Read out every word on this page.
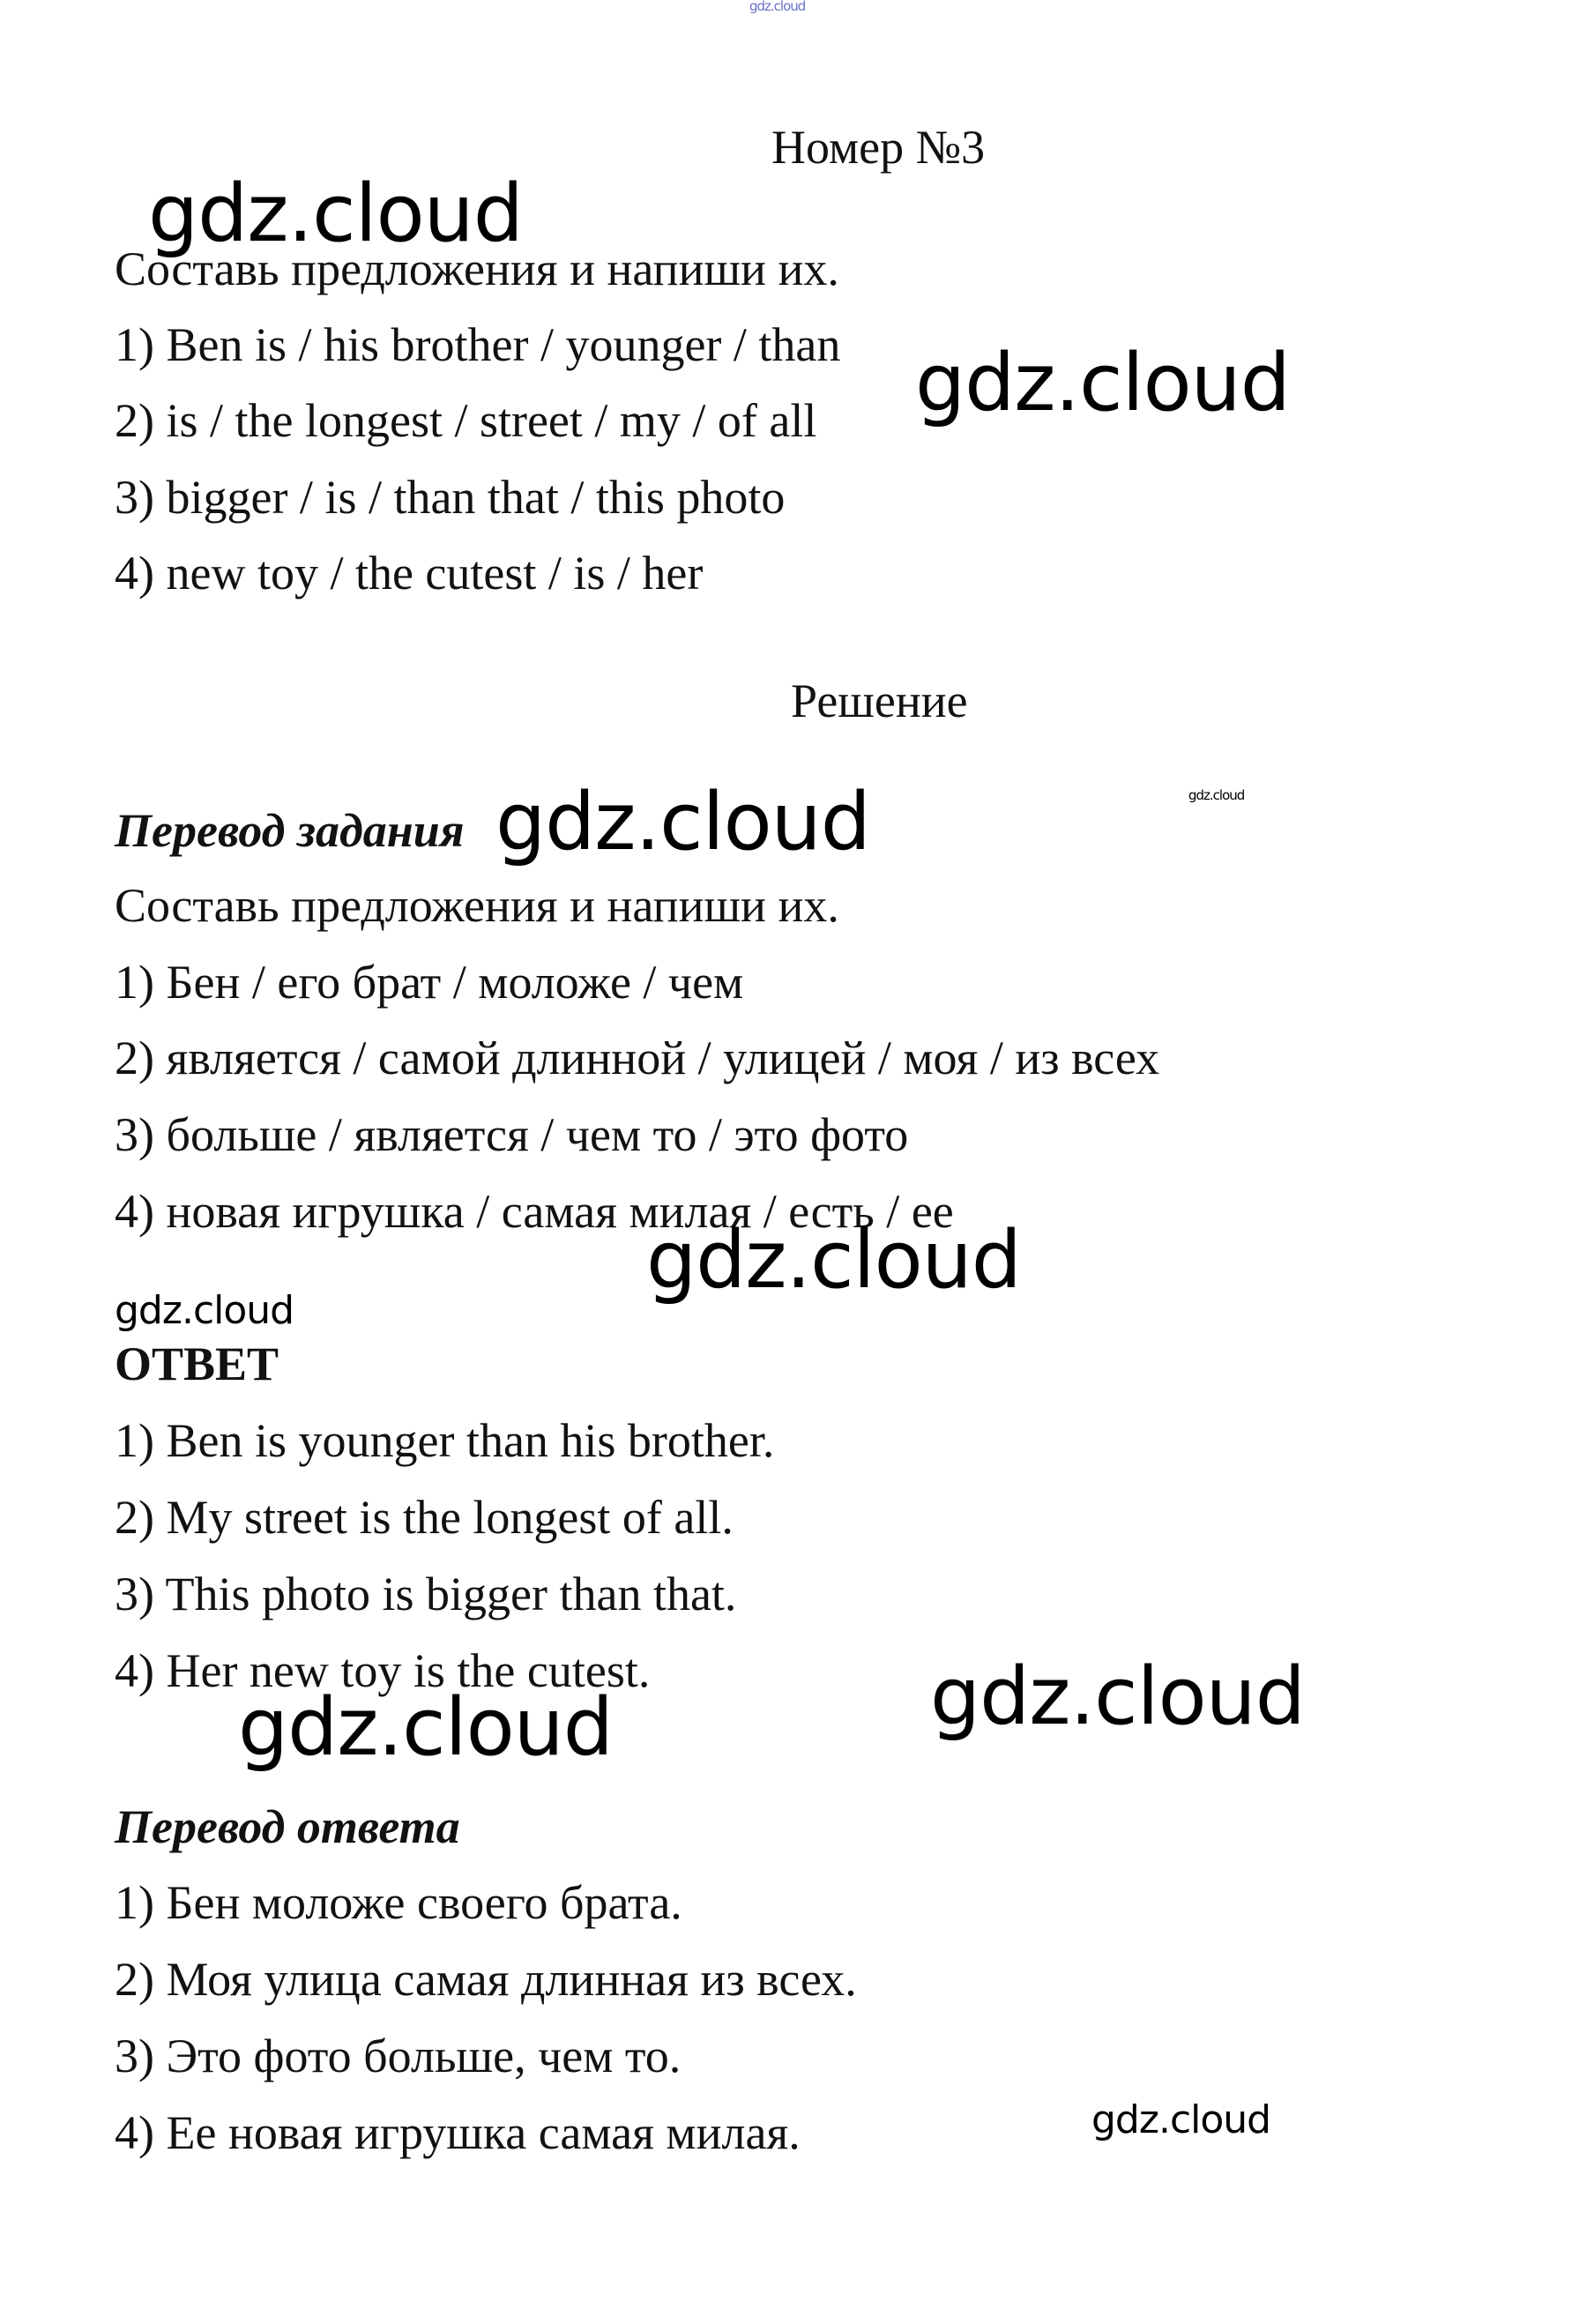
gdz.cloud
Номер №3
gdz.cloud
Составь предложения и напиши их.
1) Ben is / his brother / younger / than
2) is / the longest / street / my / of all
3) bigger / is / than that / this photo
4) new toy / the cutest / is / her
gdz.cloud
Решение
gdz.cloud
Перевод задания gdz.cloud
Составь предложения и напиши их.
1) Бен / его брат / моложе / чем
2) является / самой длинной / улицей / моя / из всех
3) больше / является / чем то / это фото
4) новая игрушка / самая милая / есть / ее
gdz.cloud
gdz.cloud
ОТВЕТ
1) Ben is younger than his brother.
2) My street is the longest of all.
3) This photo is bigger than that.
4) Her new toy is the cutest.	gdz.cloud
gdz.cloud
Перевод ответа
1) Бен моложе своего брата.
2) Моя улица самая длинная из всех.
3) Это фото больше, чем то.
4) Ее новая игрушка самая милая.	gdz.cloud
